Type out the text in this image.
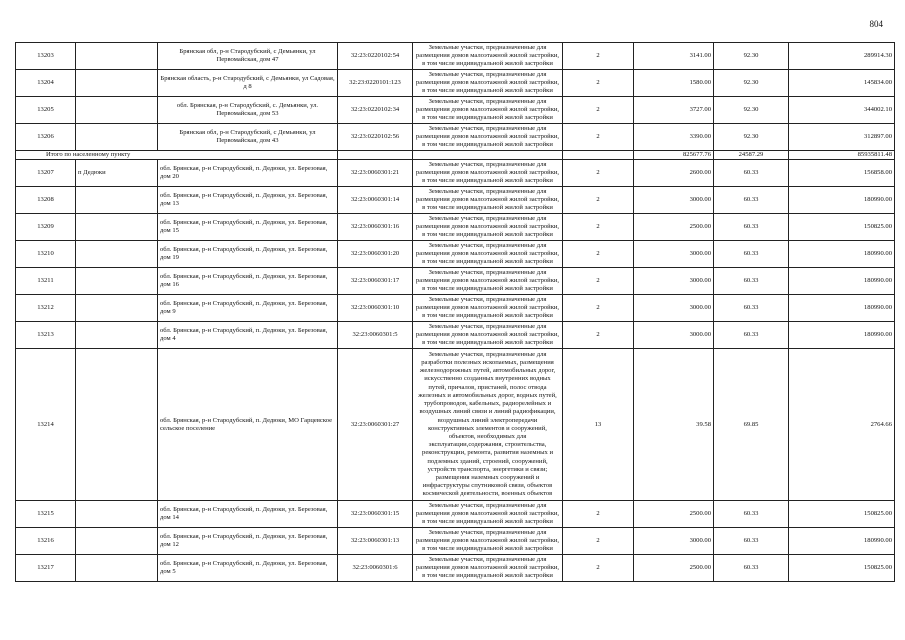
804
13203		Брянская обл, р-н Стародубский, с Демьянки, ул Первомайская, дом 47	32:23:0220102:54	Земельные участки, предназначенные для размещения домов малоэтажной жилой застройки, в том числе индивидуальной жилой застройки	2	3141.00	92.30	289914.30
13204		Брянская область, р-н Стародубский, с Демьянки, ул Садовая, д 8	32:23:0220101:123	Земельные участки, предназначенные для размещения домов малоэтажной жилой застройки, в том числе индивидуальной жилой застройки	2	1580.00	92.30	145834.00
13205		обл. Брянская, р-н Стародубский, с. Демьянки, ул. Первомайская, дом 53	32:23:0220102:34	Земельные участки, предназначенные для размещения домов малоэтажной жилой застройки, в том числе индивидуальной жилой застройки	2	3727.00	92.30	344002.10
13206		Брянская обл, р-н Стародубский, с Демьянки, ул Первомайская, дом 43	32:23:0220102:56	Земельные участки, предназначенные для размещения домов малоэтажной жилой застройки, в том числе индивидуальной жилой застройки	2	3390.00	92.30	312897.00
Итого по населенному пункту						825677.76	24587.29	85935811.48
13207	п Дедюки	обл. Брянская, р-н Стародубский, п. Дедюки, ул. Березовая, дом 20	32:23:0060301:21	Земельные участки, предназначенные для размещения домов малоэтажной жилой застройки, в том числе индивидуальной жилой застройки	2	2600.00	60.33	156858.00
13208		обл. Брянская, р-н Стародубский, п. Дедюки, ул. Березовая, дом 13	32:23:0060301:14	Земельные участки, предназначенные для размещения домов малоэтажной жилой застройки, в том числе индивидуальной жилой застройки	2	3000.00	60.33	180990.00
13209		обл. Брянская, р-н Стародубский, п. Дедюки, ул. Березовая, дом 15	32:23:0060301:16	Земельные участки, предназначенные для размещения домов малоэтажной жилой застройки, в том числе индивидуальной жилой застройки	2	2500.00	60.33	150825.00
13210		обл. Брянская, р-н Стародубский, п. Дедюки, ул. Березовая, дом 19	32:23:0060301:20	Земельные участки, предназначенные для размещения домов малоэтажной жилой застройки, в том числе индивидуальной жилой застройки	2	3000.00	60.33	180990.00
13211		обл. Брянская, р-н Стародубский, п. Дедюки, ул. Березовая, дом 16	32:23:0060301:17	Земельные участки, предназначенные для размещения домов малоэтажной жилой застройки, в том числе индивидуальной жилой застройки	2	3000.00	60.33	180990.00
13212		обл. Брянская, р-н Стародубский, п. Дедюки, ул. Березовая, дом 9	32:23:0060301:10	Земельные участки, предназначенные для размещения домов малоэтажной жилой застройки, в том числе индивидуальной жилой застройки	2	3000.00	60.33	180990.00
13213		обл. Брянская, р-н Стародубский, п. Дедюки, ул. Березовая, дом 4	32:23:0060301:5	Земельные участки, предназначенные для размещения домов малоэтажной жилой застройки, в том числе индивидуальной жилой застройки	2	3000.00	60.33	180990.00
13214		обл. Брянская, р-н Стародубский, п. Дедюки, МО Гарцевское сельское поселение	32:23:0060301:27	Земельные участки, предназначенные для разработки полезных ископаемых, размещения железнодорожных путей, автомобильных дорог, искусственно созданных внутренних водных путей, причалов, пристаней, полос отвода железных и автомобильных дорог, водных путей, трубопроводов, кабельных, радиорелейных и воздушных линий связи и линий радиофикации, воздушных линий электропередачи конструктивных элементов и сооружений, объектов, необходимых для эксплуатации,содержания, строительства, реконструкции, ремонта, развития наземных и подземных зданий, строений, сооружений, устройств транспорта, энергетики и связи; размещения наземных сооружений и инфраструктуры спутниковой связи, объектов космической деятельности, военных объектов	13	39.58	69.85	2764.66
13215		обл. Брянская, р-н Стародубский, п. Дедюки, ул. Березовая, дом 14	32:23:0060301:15	Земельные участки, предназначенные для размещения домов малоэтажной жилой застройки, в том числе индивидуальной жилой застройки	2	2500.00	60.33	150825.00
13216		обл. Брянская, р-н Стародубский, п. Дедюки, ул. Березовая, дом 12	32:23:0060301:13	Земельные участки, предназначенные для размещения домов малоэтажной жилой застройки, в том числе индивидуальной жилой застройки	2	3000.00	60.33	180990.00
13217		обл. Брянская, р-н Стародубский, п. Дедюки, ул. Березовая, дом 5	32:23:0060301:6	Земельные участки, предназначенные для размещения домов малоэтажной жилой застройки, в том числе индивидуальной жилой застройки	2	2500.00	60.33	150825.00
